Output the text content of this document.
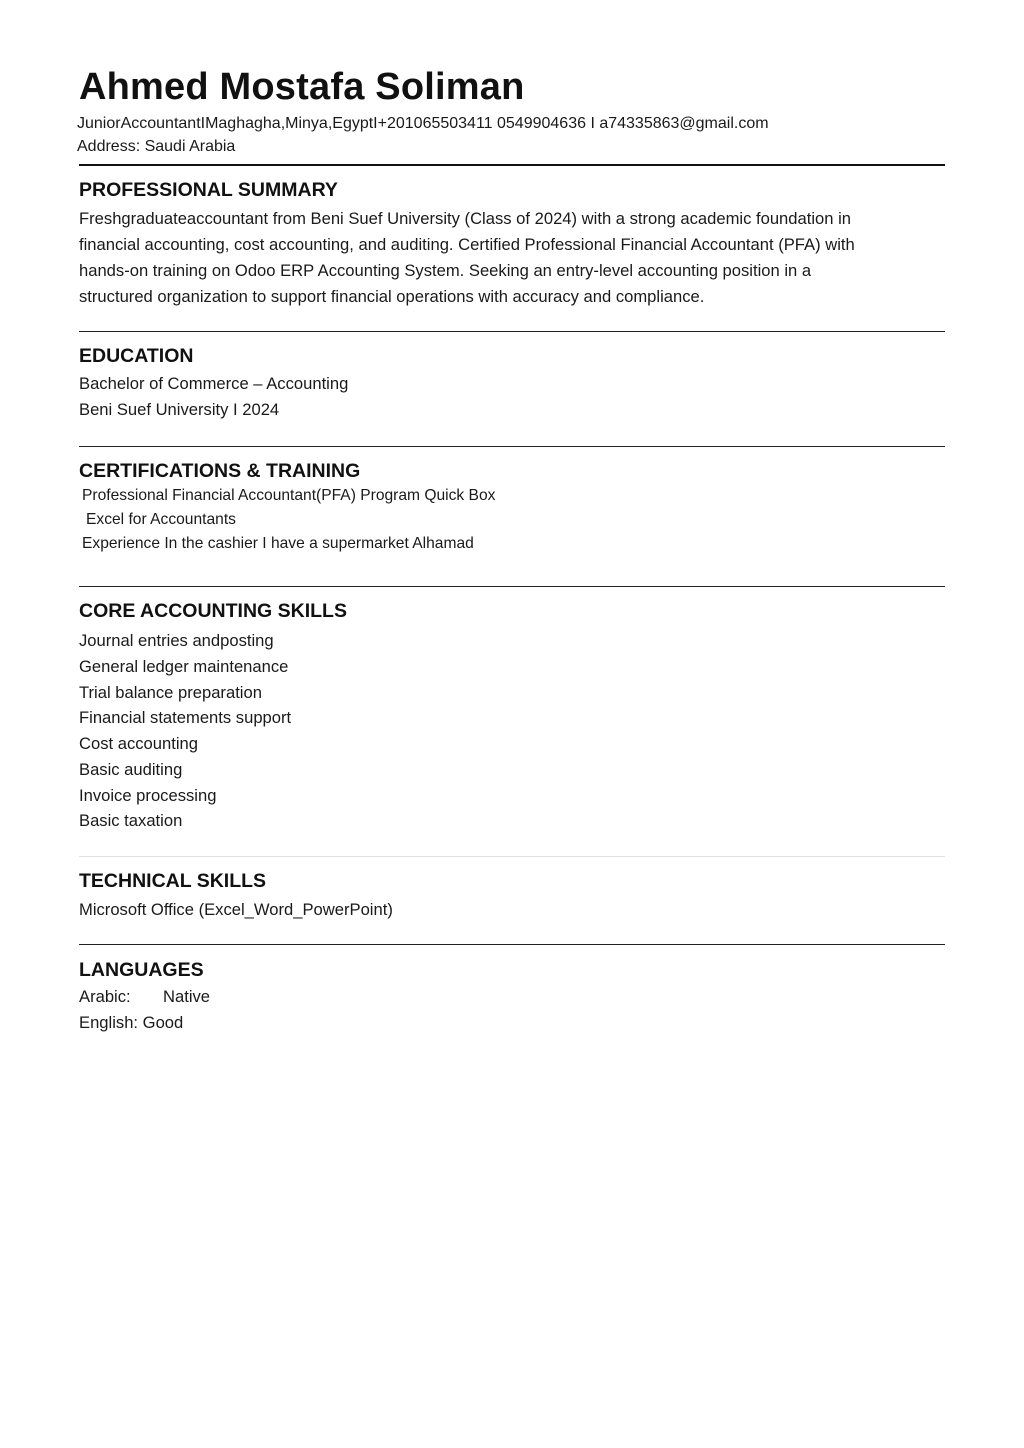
Ahmed Mostafa Soliman
JuniorAccountantIMaghagha,Minya,EgyptI+201065503411 0549904636 I a74335863@gmail.com
Address: Saudi Arabia
PROFESSIONAL SUMMARY
Freshgraduateaccountant from Beni Suef University (Class of 2024) with a strong academic foundation in
financial accounting, cost accounting, and auditing. Certified Professional Financial Accountant (PFA) with
hands-on training on Odoo ERP Accounting System. Seeking an entry-level accounting position in a
structured organization to support financial operations with accuracy and compliance.
EDUCATION
Bachelor of Commerce – Accounting
Beni Suef University I 2024
CERTIFICATIONS & TRAINING
Professional Financial Accountant(PFA) Program Quick Box
Excel for Accountants
Experience In the cashier I have a supermarket Alhamad
CORE ACCOUNTING SKILLS
Journal entries andposting
General ledger maintenance
Trial balance preparation
Financial statements support
Cost accounting
Basic auditing
Invoice processing
Basic taxation
TECHNICAL SKILLS
Microsoft Office (Excel_Word_PowerPoint)
LANGUAGES
Arabic: Native
English: Good
